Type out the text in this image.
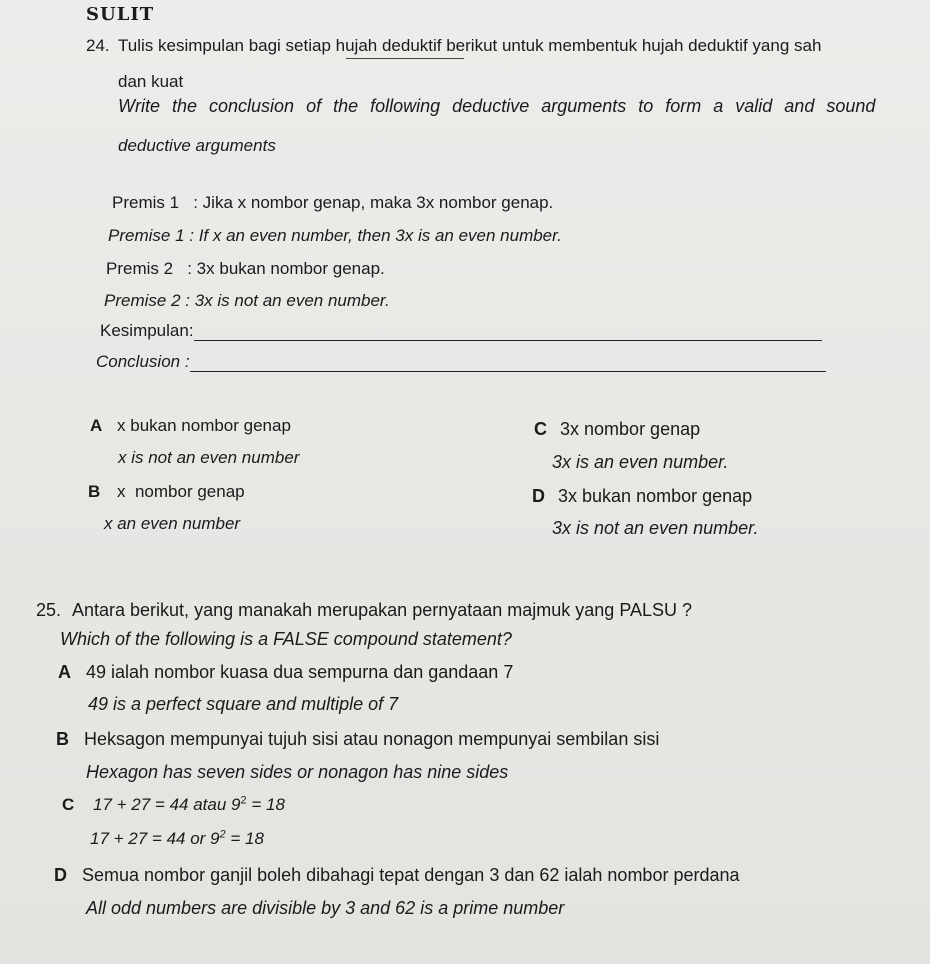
SULIT
24. Tulis kesimpulan bagi setiap hujah deduktif berikut untuk membentuk hujah deduktif yang sah
dan kuat
Write the conclusion of the following deductive arguments to form a valid and sound
deductive arguments
Premis 1   : Jika x nombor genap, maka 3x nombor genap.
Premise 1 : If x an even number, then 3x is an even number.
Premis 2   : 3x bukan nombor genap.
Premise 2 : 3x is not an even number.
Kesimpulan:
Conclusion :
A x bukan nombor genap
x is not an even number
B x  nombor genap
x an even number
C 3x nombor genap
3x is an even number.
D 3x bukan nombor genap
3x is not an even number.
25. Antara berikut, yang manakah merupakan pernyataan majmuk yang PALSU ?
Which of the following is a FALSE compound statement?
A 49 ialah nombor kuasa dua sempurna dan gandaan 7
49 is a perfect square and multiple of 7
B Heksagon mempunyai tujuh sisi atau nonagon mempunyai sembilan sisi
Hexagon has seven sides or nonagon has nine sides
C 17 + 27 = 44 atau $9^2 = 18$
17 + 27 = 44 or $9^2 = 18$
D Semua nombor ganjil boleh dibahagi tepat dengan 3 dan 62 ialah nombor perdana
All odd numbers are divisible by 3 and 62 is a prime number
